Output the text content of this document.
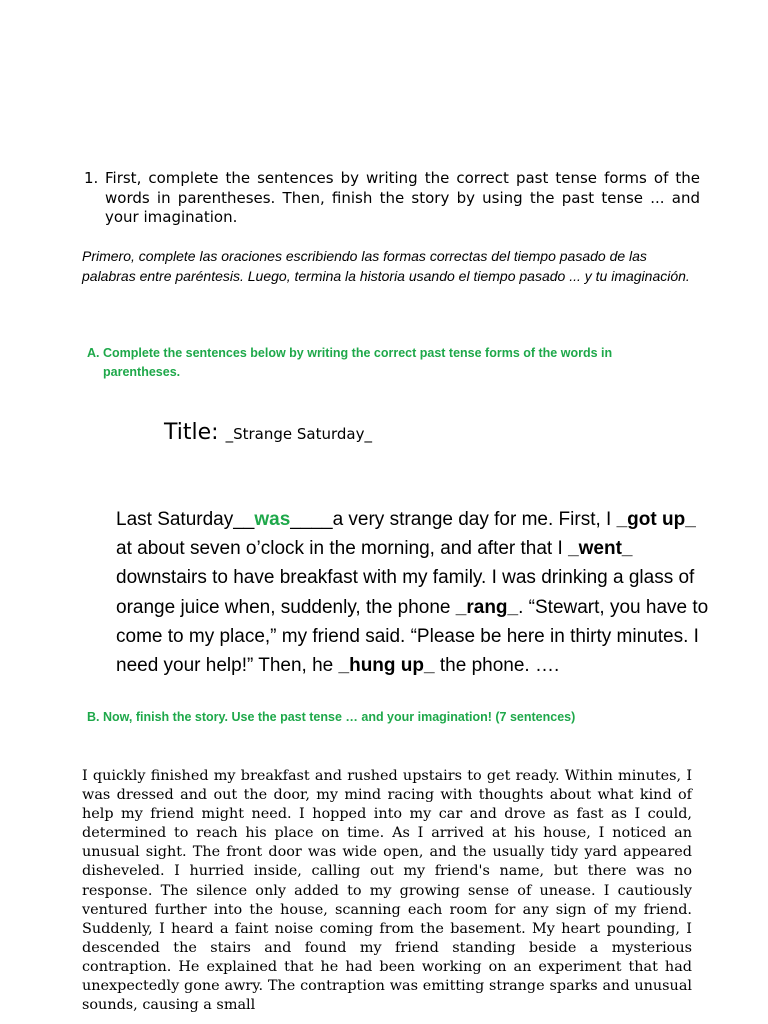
1. First, complete the sentences by writing the correct past tense forms of the words in parentheses. Then, finish the story by using the past tense ... and your imagination.
Primero, complete las oraciones escribiendo las formas correctas del tiempo pasado de las palabras entre paréntesis. Luego, termina la historia usando el tiempo pasado ... y tu imaginación.
A. Complete the sentences below by writing the correct past tense forms of the words in parentheses.
Title: _Strange Saturday_
Last Saturday__was____a very strange day for me. First, I _got up_ at about seven o’clock in the morning, and after that I _went_ downstairs to have breakfast with my family. I was drinking a glass of orange juice when, suddenly, the phone _rang_. “Stewart, you have to come to my place,” my friend said. “Please be here in thirty minutes. I need your help!” Then, he _hung up_ the phone. ….
B. Now, finish the story. Use the past tense … and your imagination! (7 sentences)
I quickly finished my breakfast and rushed upstairs to get ready. Within minutes, I was dressed and out the door, my mind racing with thoughts about what kind of help my friend might need. I hopped into my car and drove as fast as I could, determined to reach his place on time. As I arrived at his house, I noticed an unusual sight. The front door was wide open, and the usually tidy yard appeared disheveled. I hurried inside, calling out my friend's name, but there was no response. The silence only added to my growing sense of unease. I cautiously ventured further into the house, scanning each room for any sign of my friend. Suddenly, I heard a faint noise coming from the basement. My heart pounding, I descended the stairs and found my friend standing beside a mysterious contraption. He explained that he had been working on an experiment that had unexpectedly gone awry. The contraption was emitting strange sparks and unusual sounds, causing a small
